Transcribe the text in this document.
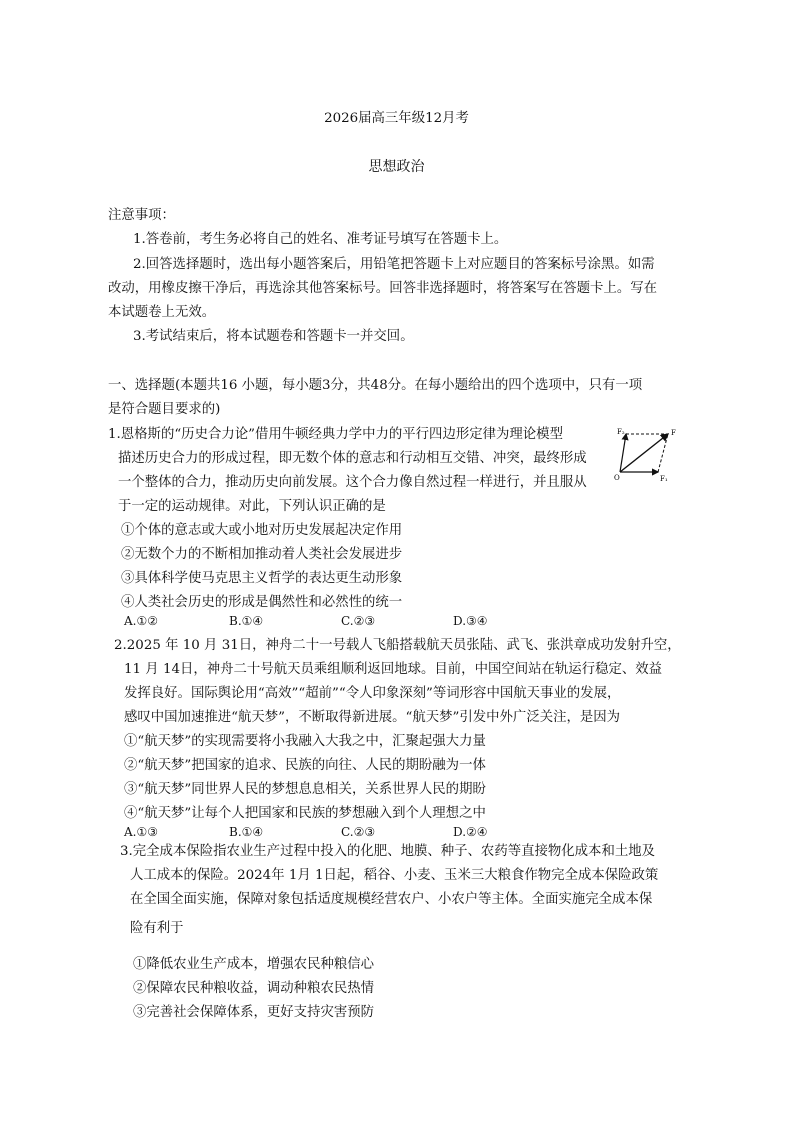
2026届高三年级12月考
思想政治
注意事项：
1.答卷前，考生务必将自己的姓名、准考证号填写在答题卡上。
2.回答选择题时，选出每小题答案后，用铅笔把答题卡上对应题目的答案标号涂黑。如需
改动，用橡皮擦干净后，再选涂其他答案标号。回答非选择题时，将答案写在答题卡上。写在
本试题卷上无效。
3.考试结束后，将本试题卷和答题卡一并交回。
一、选择题(本题共16 小题，每小题3分，共48分。在每小题给出的四个选项中，只有一项
是符合题目要求的)
1.恩格斯的“历史合力论”借用牛顿经典力学中力的平行四边形定律为理论模型
描述历史合力的形成过程，即无数个体的意志和行动相互交错、冲突，最终形成
一个整体的合力，推动历史向前发展。这个合力像自然过程一样进行，并且服从
于一定的运动规律。对此，下列认识正确的是
①个体的意志或大或小地对历史发展起决定作用
②无数个力的不断相加推动着人类社会发展进步
③具体科学使马克思主义哲学的表达更生动形象
④人类社会历史的形成是偶然性和必然性的统一
A.①②	B.①④	C.②③	D.③④
F₂	F
O	F₁
2.2025 年 10 月 31日，神舟二十一号载人飞船搭载航天员张陆、武飞、张洪章成功发射升空，
11 月 14日，神舟二十号航天员乘组顺利返回地球。目前，中国空间站在轨运行稳定、效益
发挥良好。国际舆论用“高效”“超前”“令人印象深刻”等词形容中国航天事业的发展，
感叹中国加速推进“航天梦”，不断取得新进展。“航天梦”引发中外广泛关注，是因为
①“航天梦”的实现需要将小我融入大我之中，汇聚起强大力量
②“航天梦”把国家的追求、民族的向往、人民的期盼融为一体
③“航天梦”同世界人民的梦想息息相关，关系世界人民的期盼
④“航天梦”让每个人把国家和民族的梦想融入到个人理想之中
A.①③	B.①④	C.②③	D.②④
3.完全成本保险指农业生产过程中投入的化肥、地膜、种子、农药等直接物化成本和土地及
人工成本的保险。2024年 1月 1日起，稻谷、小麦、玉米三大粮食作物完全成本保险政策
在全国全面实施，保障对象包括适度规模经营农户、小农户等主体。全面实施完全成本保
险有利于
①降低农业生产成本，增强农民种粮信心
②保障农民种粮收益，调动种粮农民热情
③完善社会保障体系，更好支持灾害预防
